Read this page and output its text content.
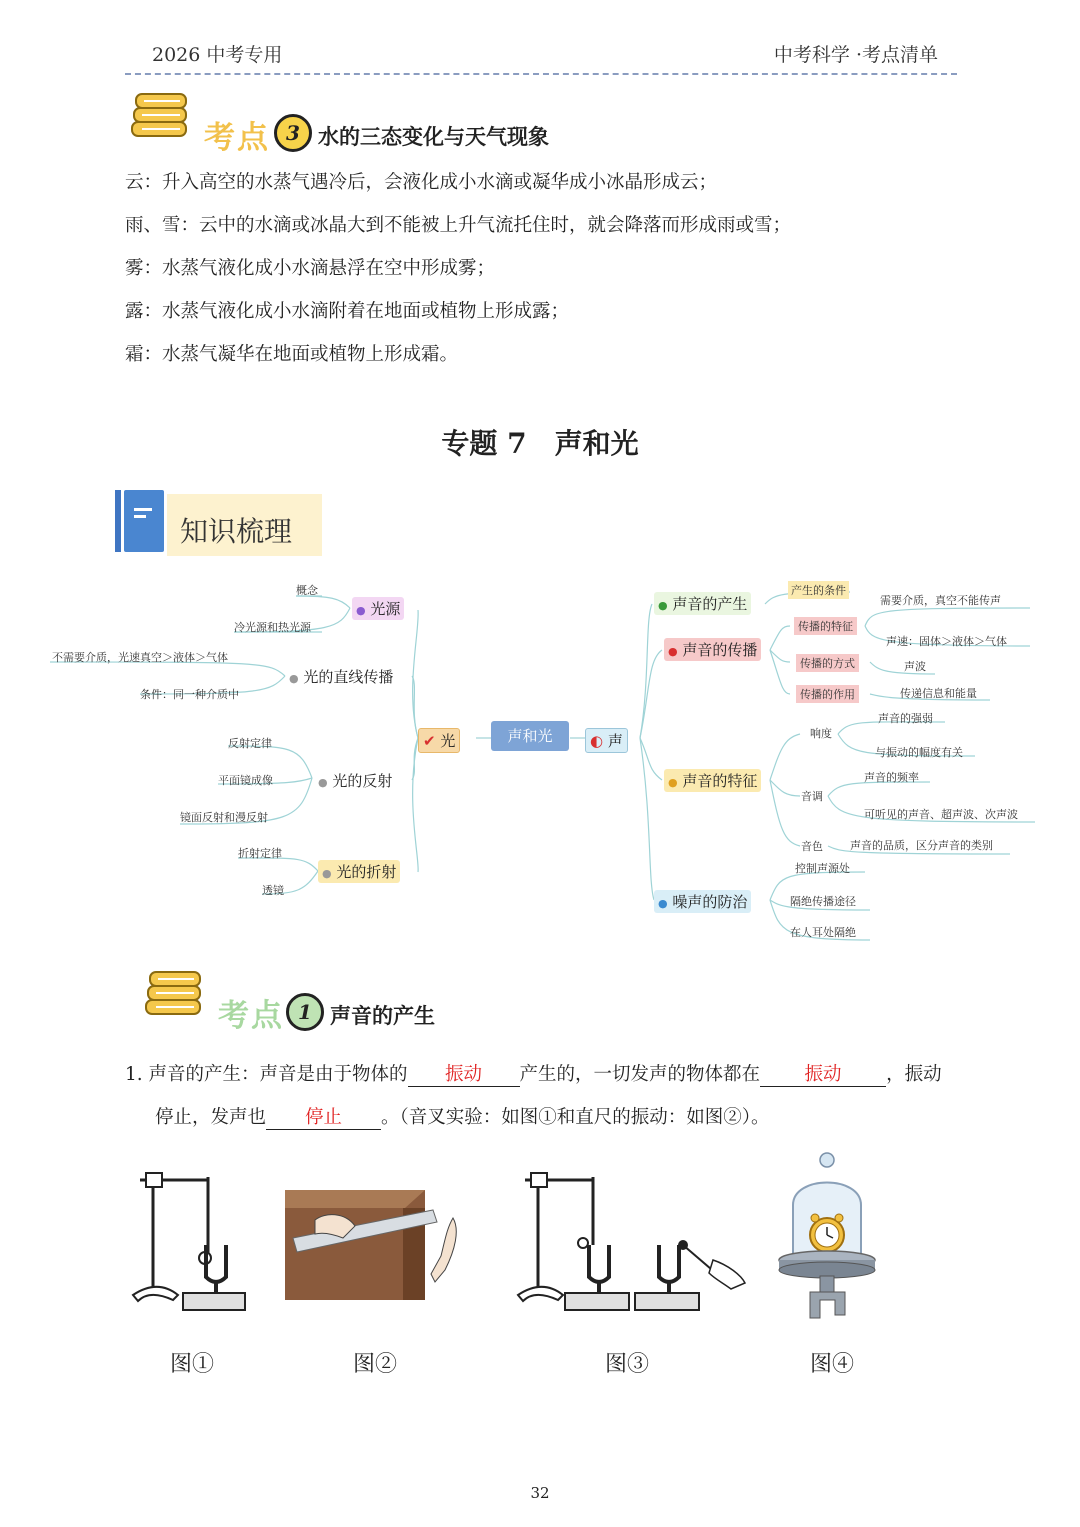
2026 中考专用	中考科学 ·考点清单
考点 3 水的三态变化与天气现象
云：升入高空的水蒸气遇冷后，会液化成小水滴或凝华成小冰晶形成云；
雨、雪：云中的水滴或冰晶大到不能被上升气流托住时，就会降落而形成雨或雪；
雾：水蒸气液化成小水滴悬浮在空中形成雾；
露：水蒸气液化成小水滴附着在地面或植物上形成露；
霜：水蒸气凝华在地面或植物上形成霜。
专题 7　声和光
知识梳理
声和光
✔ 光	◐ 声
● 光源
概念
冷光源和热光源
● 光的直线传播
不需要介质，光速真空＞液体＞气体
条件：同一种介质中
● 光的反射
反射定律
平面镜成像
镜面反射和漫反射
● 光的折射
折射定律
透镜
● 声音的产生
产生的条件
● 声音的传播
传播的特征
需要介质，真空不能传声
声速：固体＞液体＞气体
传播的方式	声波
传播的作用	传递信息和能量
● 声音的特征
响度
声音的强弱
与振动的幅度有关
音调
声音的频率
可听见的声音、超声波、次声波
音色 声音的品质，区分声音的类别
● 噪声的防治
控制声源处
隔绝传播途径
在人耳处隔绝
考点 1 声音的产生
1. 声音的产生：声音是由于物体的 振动 产生的，一切发声的物体都在 振动 ，振动
停止，发声也 停止 。（音叉实验：如图①和直尺的振动：如图②）。
图①	图②	图③	图④
32
